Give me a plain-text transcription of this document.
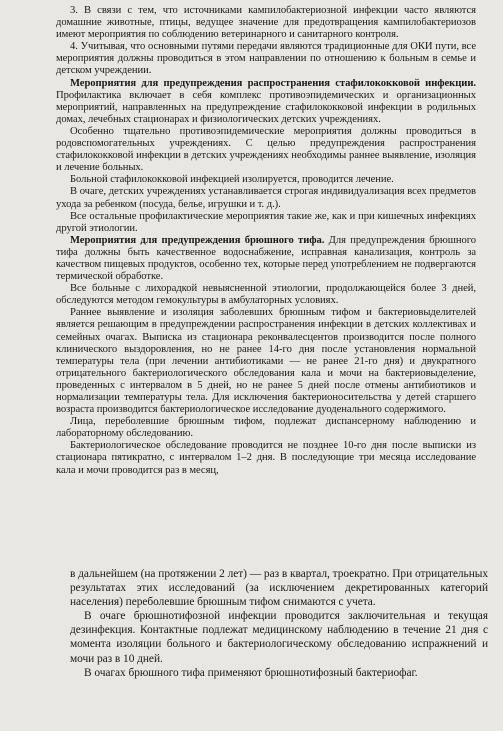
3. В связи с тем, что источниками кампилобактериозной инфекции часто являются домашние животные, птицы, ведущее значение для предотвращения кампилобактериозов имеют мероприятия по соблюдению ветеринарного и санитарного контроля.

4. Учитывая, что основными путями передачи являются традиционные для ОКИ пути, все мероприятия должны проводиться в этом направлении по отношению к больным в семье и детском учреждении.

Мероприятия для предупреждения распространения стафилококковой инфекции. Профилактика включает в себя комплекс противоэпидемических и организационных мероприятий, направленных на предупреждение стафилококковой инфекции в родильных домах, лечебных стационарах и физиологических детских учреждениях.

Особенно тщательно противоэпидемические мероприятия должны проводиться в родовспомогательных учреждениях. С целью предупреждения распространения стафилококковой инфекции в детских учреждениях необходимы раннее выявление, изоляция и лечение больных.

Больной стафилококковой инфекцией изолируется, проводится лечение.

В очаге, детских учреждениях устанавливается строгая индивидуализация всех предметов ухода за ребенком (посуда, белье, игрушки и т. д.).

Все остальные профилактические мероприятия такие же, как и при кишечных инфекциях другой этиологии.

Мероприятия для предупреждения брюшного тифа. Для предупреждения брюшного тифа должны быть качественное водоснабжение, исправная канализация, контроль за качеством пищевых продуктов, особенно тех, которые перед употреблением не подвергаются термической обработке.

Все больные с лихорадкой невыясненной этиологии, продолжающейся более 3 дней, обследуются методом гемокультуры в амбулаторных условиях.

Раннее выявление и изоляция заболевших брюшным тифом и бактериовыделителей является решающим в предупреждении распространения инфекции в детских коллективах и семейных очагах. Выписка из стационара реконвалесцентов производится после полного клинического выздоровления, но не ранее 14-го дня после установления нормальной температуры тела (при лечении антибиотиками — не ранее 21-го дня) и двукратного отрицательного бактериологического обследования кала и мочи на бактериовыделение, проведенных с интервалом в 5 дней, но не ранее 5 дней после отмены антибиотиков и нормализации температуры тела. Для исключения бактерионосительства у детей старшего возраста производится бактериологическое исследование дуоденального содержимого.

Лица, переболевшие брюшным тифом, подлежат диспансерному наблюдению и лабораторному обследованию.

Бактериологическое обследование проводится не позднее 10-го дня после выписки из стационара пятикратно, с интервалом 1–2 дня. В последующие три месяца исследование кала и мочи проводится раз в месяц,

в дальнейшем (на протяжении 2 лет) — раз в квартал, троекратно. При отрицательных результатах этих исследований (за исключением декретированных категорий населения) переболевшие брюшным тифом снимаются с учета.

В очаге брюшнотифозной инфекции проводится заключительная и текущая дезинфекция. Контактные подлежат медицинскому наблюдению в течение 21 дня с момента изоляции больного и бактериологическому обследованию испражнений и мочи раз в 10 дней.

В очагах брюшного тифа применяют брюшнотифозный бактериофаг.
